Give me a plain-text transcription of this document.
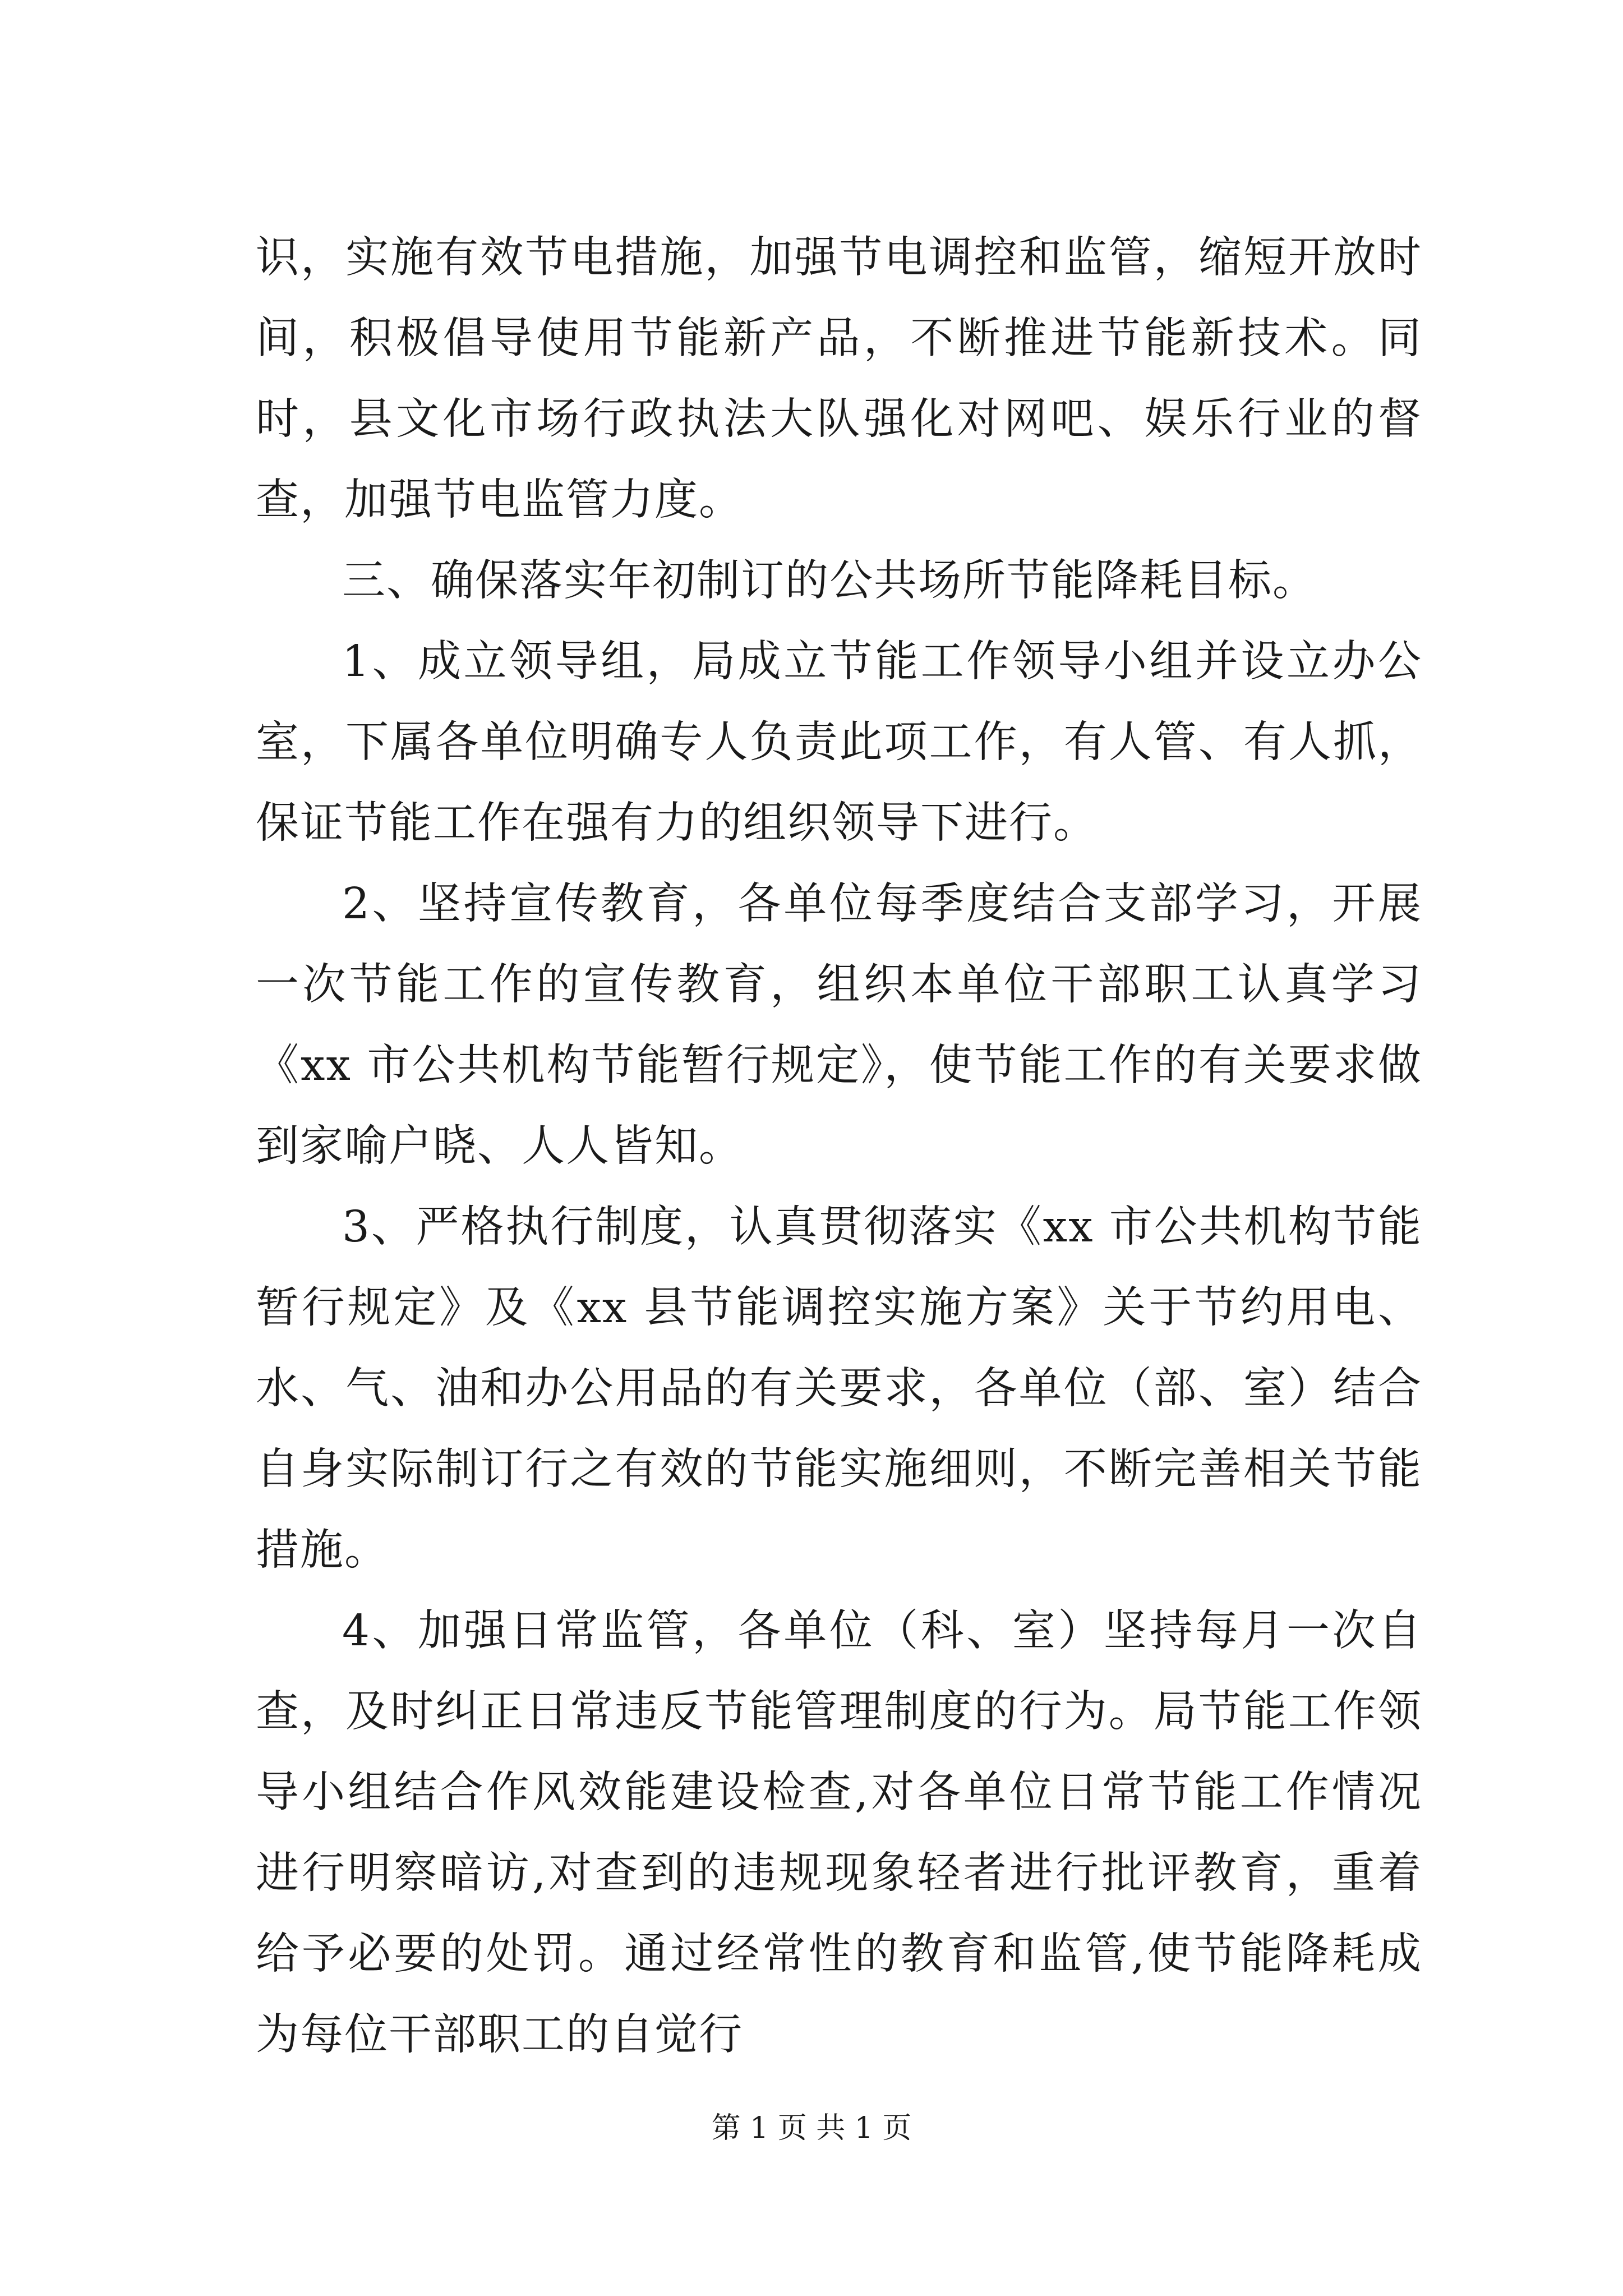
识，实施有效节电措施，加强节电调控和监管，缩短开放时间，积极倡导使用节能新产品，不断推进节能新技术。同时，县文化市场行政执法大队强化对网吧、娱乐行业的督查，加强节电监管力度。

三、确保落实年初制订的公共场所节能降耗目标。

1、成立领导组，局成立节能工作领导小组并设立办公室，下属各单位明确专人负责此项工作，有人管、有人抓，保证节能工作在强有力的组织领导下进行。

2、坚持宣传教育，各单位每季度结合支部学习，开展一次节能工作的宣传教育，组织本单位干部职工认真学习《xx 市公共机构节能暂行规定》，使节能工作的有关要求做到家喻户晓、人人皆知。

3、严格执行制度，认真贯彻落实《xx 市公共机构节能暂行规定》及《xx 县节能调控实施方案》关于节约用电、水、气、油和办公用品的有关要求，各单位（部、室）结合自身实际制订行之有效的节能实施细则，不断完善相关节能措施。

4、加强日常监管，各单位（科、室）坚持每月一次自查，及时纠正日常违反节能管理制度的行为。局节能工作领导小组结合作风效能建设检查,对各单位日常节能工作情况进行明察暗访,对查到的违规现象轻者进行批评教育，重着给予必要的处罚。通过经常性的教育和监管,使节能降耗成为每位干部职工的自觉行

第 1 页 共 1 页
